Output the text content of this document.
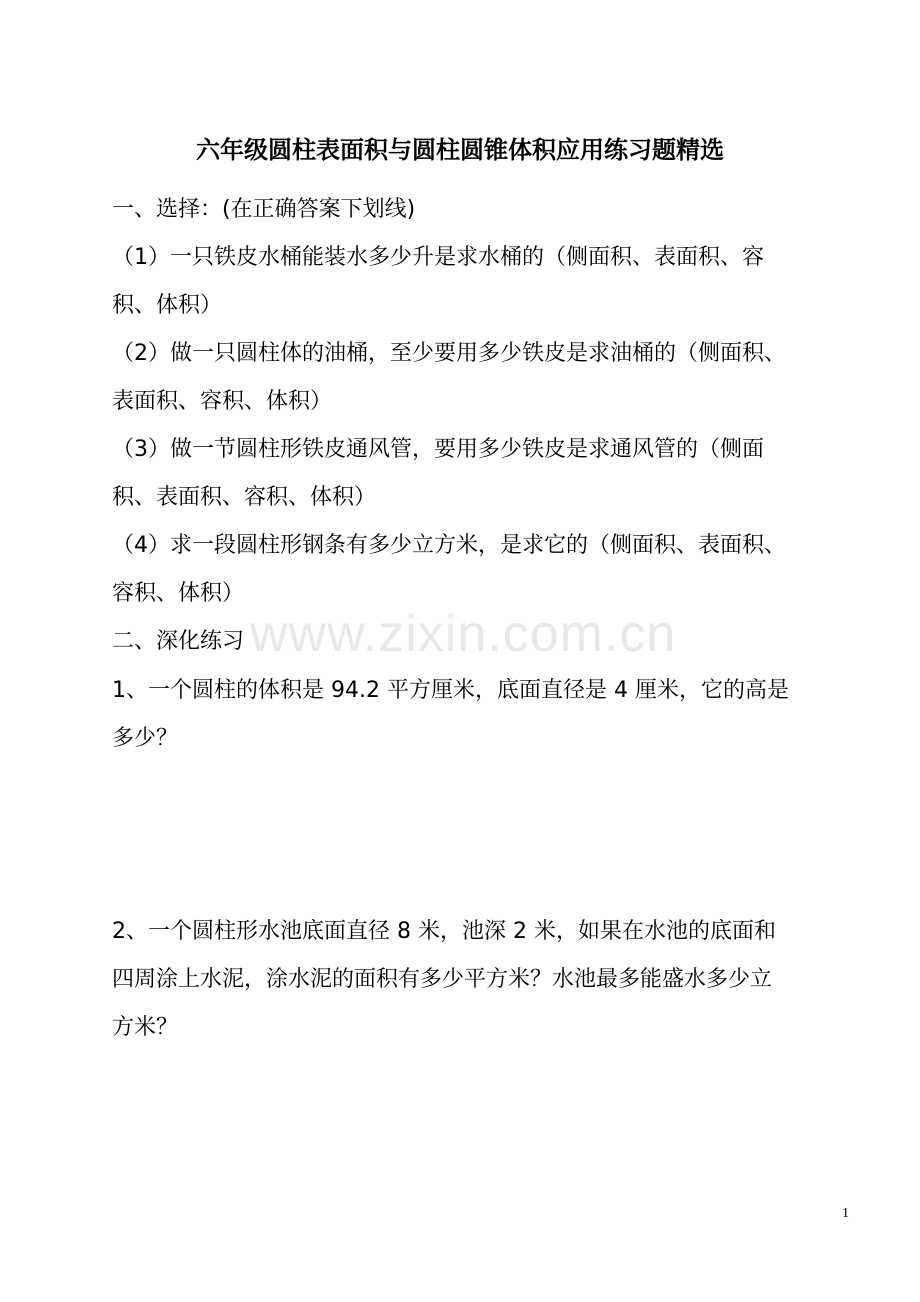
六年级圆柱表面积与圆柱圆锥体积应用练习题精选
一、选择：(在正确答案下划线)
（1）一只铁皮水桶能装水多少升是求水桶的（侧面积、表面积、容
积、体积）
（2）做一只圆柱体的油桶，至少要用多少铁皮是求油桶的（侧面积、
表面积、容积、体积）
（3）做一节圆柱形铁皮通风管，要用多少铁皮是求通风管的（侧面
积、表面积、容积、体积）
（4）求一段圆柱形钢条有多少立方米，是求它的（侧面积、表面积、
容积、体积）
二、深化练习
1、一个圆柱的体积是 94.2 平方厘米，底面直径是 4 厘米，它的高是
多少？
2、一个圆柱形水池底面直径 8 米，池深 2 米，如果在水池的底面和
四周涂上水泥，涂水泥的面积有多少平方米？水池最多能盛水多少立
方米？
www.zixin.com.cn
1
